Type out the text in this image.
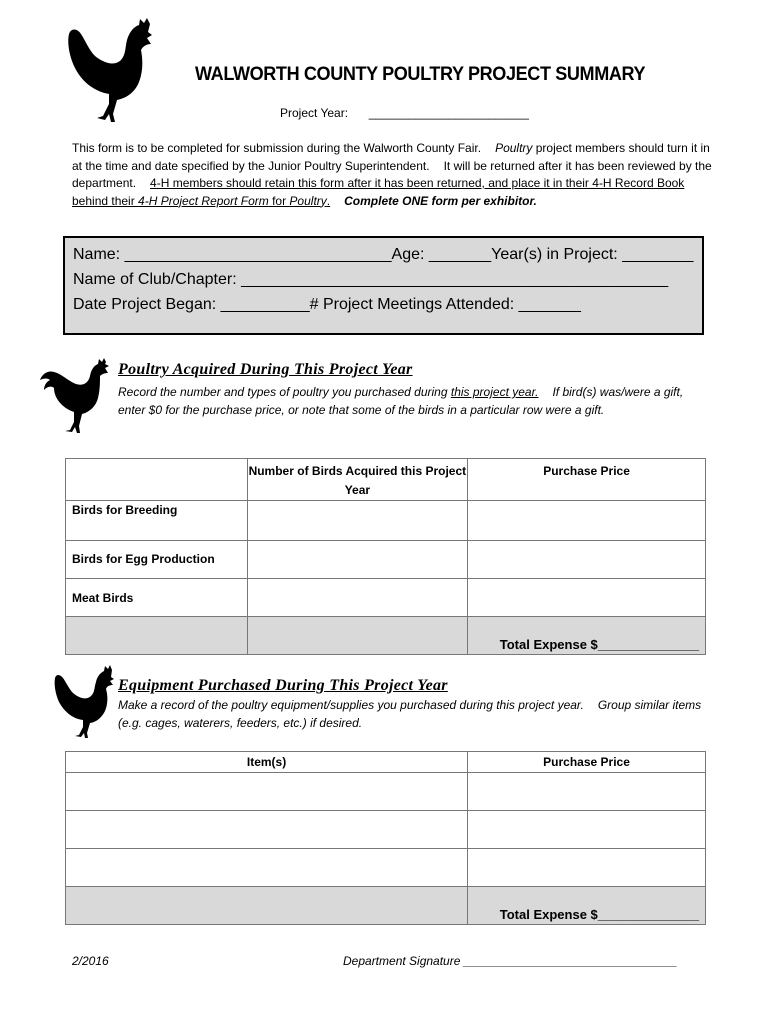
WALWORTH COUNTY POULTRY PROJECT SUMMARY
Project Year: ________________________
This form is to be completed for submission during the Walworth County Fair. Poultry project members should turn it in at the time and date specified by the Junior Poultry Superintendent. It will be returned after it has been reviewed by the department. 4-H members should retain this form after it has been returned, and place it in their 4-H Record Book behind their 4-H Project Report Form for Poultry. Complete ONE form per exhibitor.
Name: ______________________________Age: _______Year(s) in Project: ________
Name of Club/Chapter: ________________________________________________
Date Project Began: __________# Project Meetings Attended: _______
Poultry Acquired During This Project Year
Record the number and types of poultry you purchased during this project year. If bird(s) was/were a gift, enter $0 for the purchase price, or note that some of the birds in a particular row were a gift.
	Number of Birds Acquired this Project Year	Purchase Price
Birds for Breeding		
Birds for Egg Production		
Meat Birds		
		Total Expense $______________
Equipment Purchased During This Project Year
Make a record of the poultry equipment/supplies you purchased during this project year. Group similar items (e.g. cages, waterers, feeders, etc.) if desired.
Item(s)	Purchase Price

	Total Expense $______________
2/2016	Department Signature ________________________________
